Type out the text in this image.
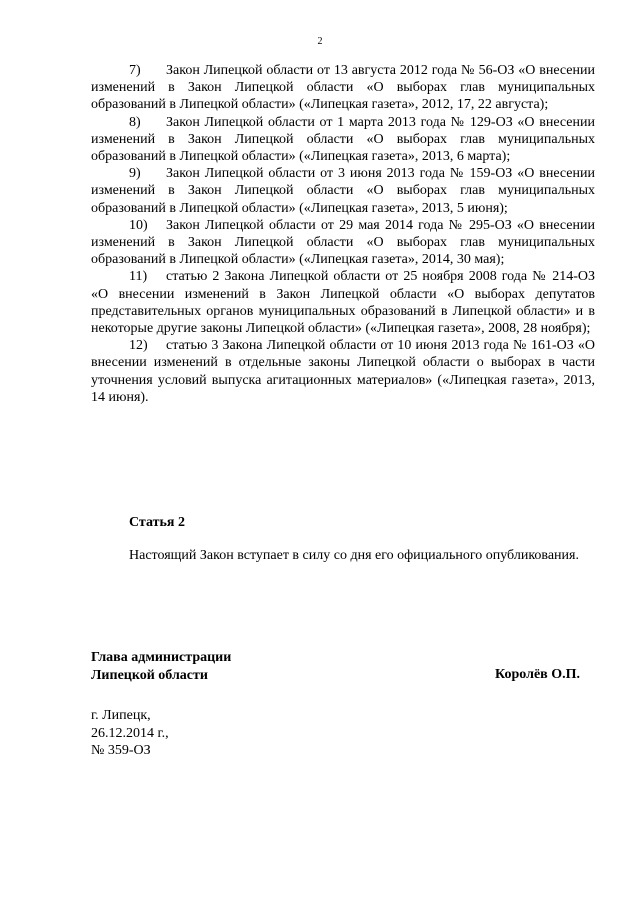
2

7) Закон Липецкой области от 13 августа 2012 года № 56-ОЗ «О внесении изменений в Закон Липецкой области «О выборах глав муниципальных образований в Липецкой области» («Липецкая газета», 2012, 17, 22 августа);

8) Закон Липецкой области от 1 марта 2013 года № 129-ОЗ «О внесении изменений в Закон Липецкой области «О выборах глав муниципальных образований в Липецкой области» («Липецкая газета», 2013, 6 марта);

9) Закон Липецкой области от 3 июня 2013 года № 159-ОЗ «О внесении изменений в Закон Липецкой области «О выборах глав муниципальных образований в Липецкой области» («Липецкая газета», 2013, 5 июня);

10) Закон Липецкой области от 29 мая 2014 года № 295-ОЗ «О внесении изменений в Закон Липецкой области «О выборах глав муниципальных образований в Липецкой области» («Липецкая газета», 2014, 30 мая);

11) статью 2 Закона Липецкой области от 25 ноября 2008 года № 214-ОЗ «О внесении изменений в Закон Липецкой области «О выборах депутатов представительных органов муниципальных образований в Липецкой области» и в некоторые другие законы Липецкой области» («Липецкая газета», 2008, 28 ноября);

12) статью 3 Закона Липецкой области от 10 июня 2013 года № 161-ОЗ «О внесении изменений в отдельные законы Липецкой области о выборах в части уточнения условий выпуска агитационных материалов» («Липецкая газета», 2013, 14 июня).

Статья 2

Настоящий Закон вступает в силу со дня его официального опубликования.

Глава администрации
Липецкой области	Королёв О.П.
г. Липецк,
26.12.2014 г.,
№ 359-ОЗ
